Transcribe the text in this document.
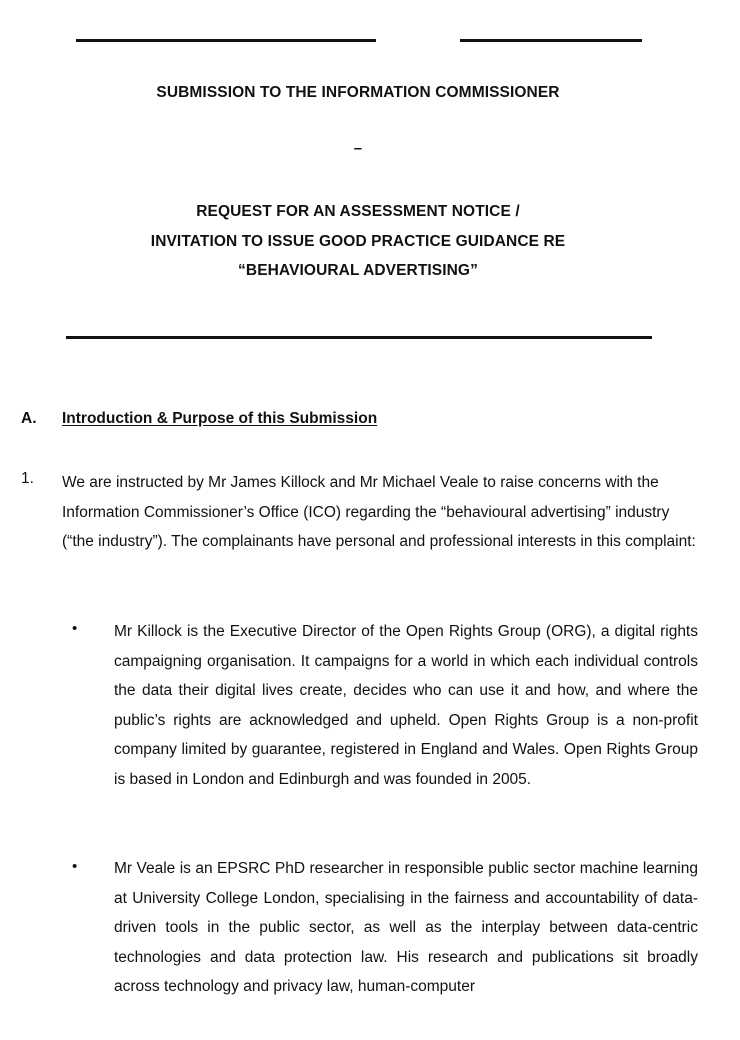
SUBMISSION TO THE INFORMATION COMMISSIONER
–
REQUEST FOR AN ASSESSMENT NOTICE /
INVITATION TO ISSUE GOOD PRACTICE GUIDANCE RE
“BEHAVIOURAL ADVERTISING”
A. Introduction & Purpose of this Submission
1. We are instructed by Mr James Killock and Mr Michael Veale to raise concerns with the Information Commissioner’s Office (ICO) regarding the “behavioural advertising” industry (“the industry”). The complainants have personal and professional interests in this complaint:
• Mr Killock is the Executive Director of the Open Rights Group (ORG), a digital rights campaigning organisation. It campaigns for a world in which each individual controls the data their digital lives create, decides who can use it and how, and where the public’s rights are acknowledged and upheld. Open Rights Group is a non-profit company limited by guarantee, registered in England and Wales. Open Rights Group is based in London and Edinburgh and was founded in 2005.
• Mr Veale is an EPSRC PhD researcher in responsible public sector machine learning at University College London, specialising in the fairness and accountability of data-driven tools in the public sector, as well as the interplay between data-centric technologies and data protection law. His research and publications sit broadly across technology and privacy law, human-computer
